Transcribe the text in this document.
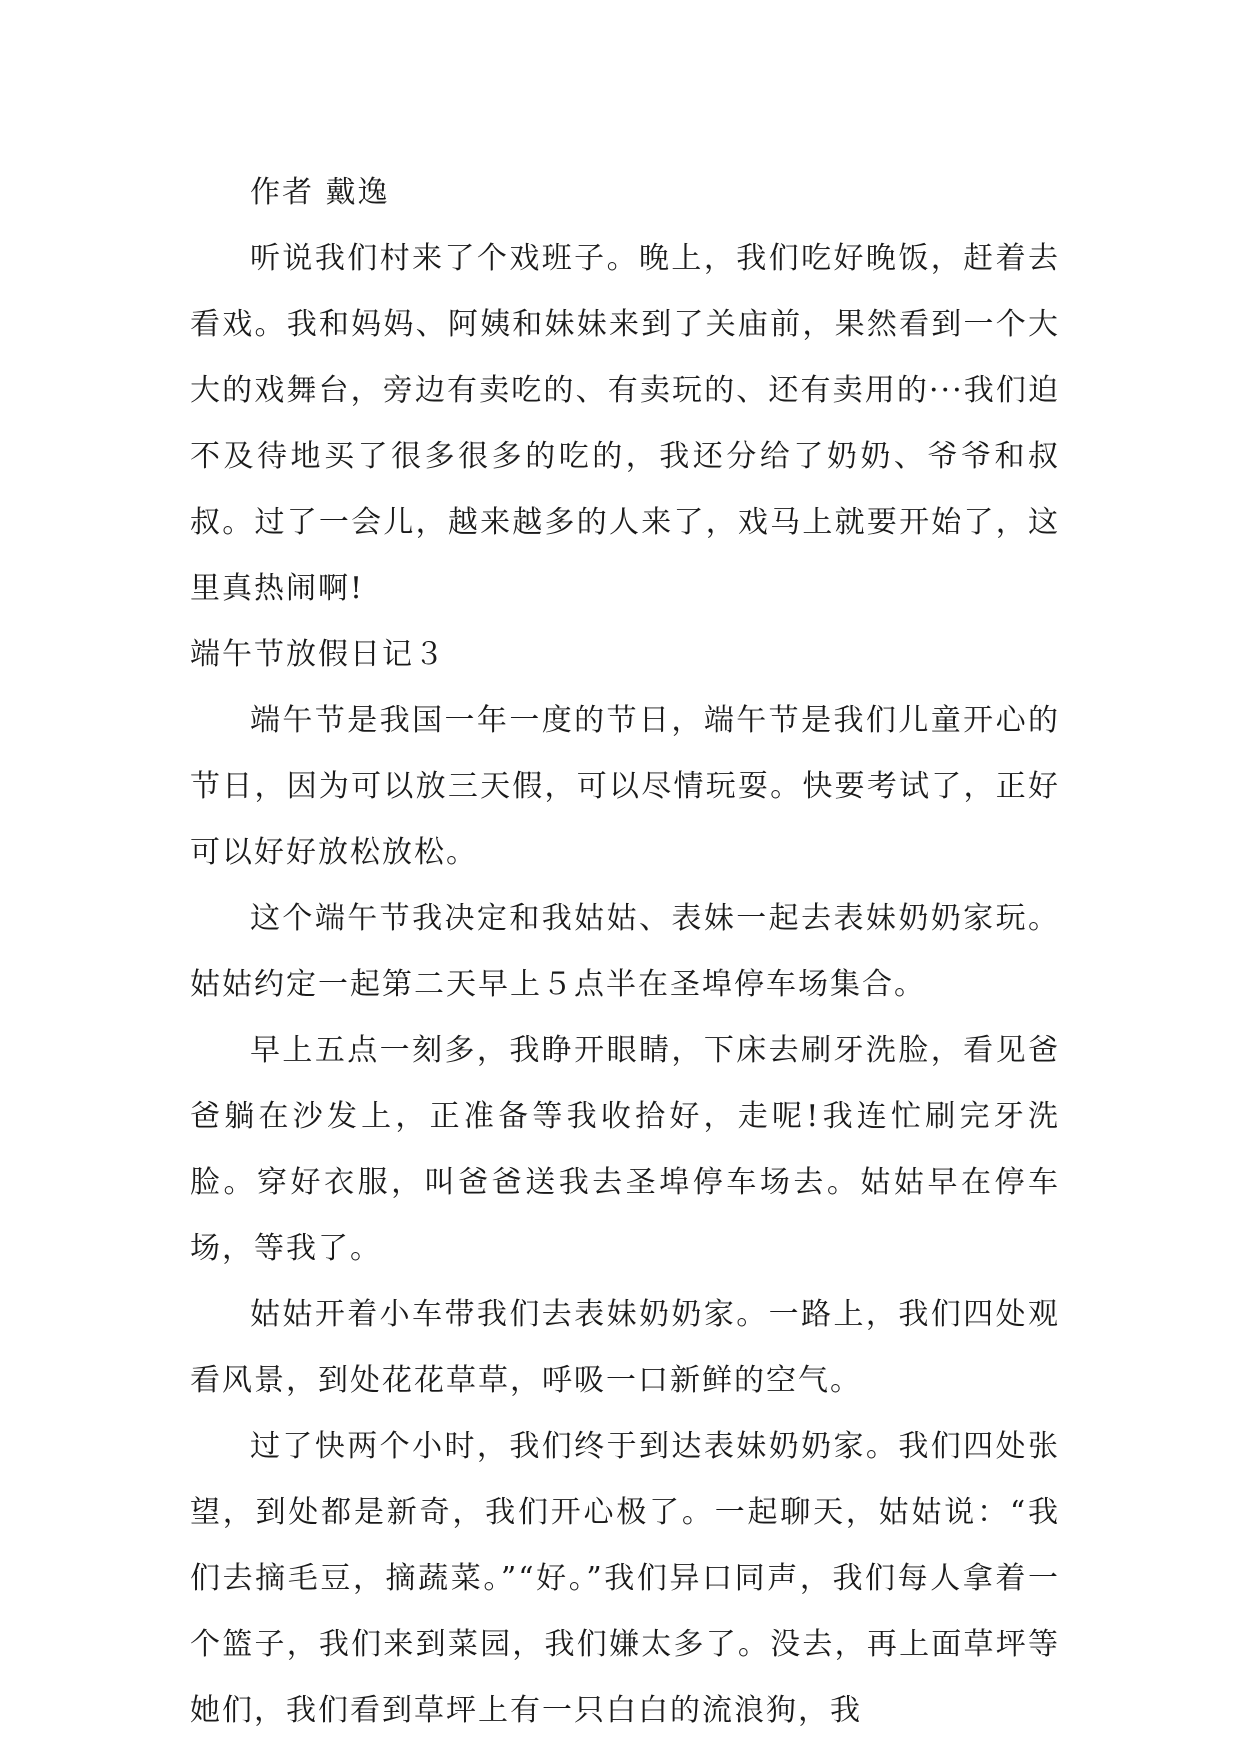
作者 戴逸

听说我们村来了个戏班子。晚上，我们吃好晚饭，赶着去看戏。我和妈妈、阿姨和妹妹来到了关庙前，果然看到一个大大的戏舞台，旁边有卖吃的、有卖玩的、还有卖用的···我们迫不及待地买了很多很多的吃的，我还分给了奶奶、爷爷和叔叔。过了一会儿，越来越多的人来了，戏马上就要开始了，这里真热闹啊!

端午节放假日记３

端午节是我国一年一度的节日，端午节是我们儿童开心的节日，因为可以放三天假，可以尽情玩耍。快要考试了，正好可以好好放松放松。

这个端午节我决定和我姑姑、表妹一起去表妹奶奶家玩。姑姑约定一起第二天早上５点半在圣埠停车场集合。

早上五点一刻多，我睁开眼睛，下床去刷牙洗脸，看见爸爸躺在沙发上，正准备等我收拾好，走呢!我连忙刷完牙洗脸。穿好衣服，叫爸爸送我去圣埠停车场去。姑姑早在停车场，等我了。

姑姑开着小车带我们去表妹奶奶家。一路上，我们四处观看风景，到处花花草草，呼吸一口新鲜的空气。

过了快两个小时，我们终于到达表妹奶奶家。我们四处张望，到处都是新奇，我们开心极了。一起聊天，姑姑说：“我们去摘毛豆，摘蔬菜。”“好。”我们异口同声，我们每人拿着一个篮子，我们来到菜园，我们嫌太多了。没去，再上面草坪等她们，我们看到草坪上有一只白白的流浪狗，我
